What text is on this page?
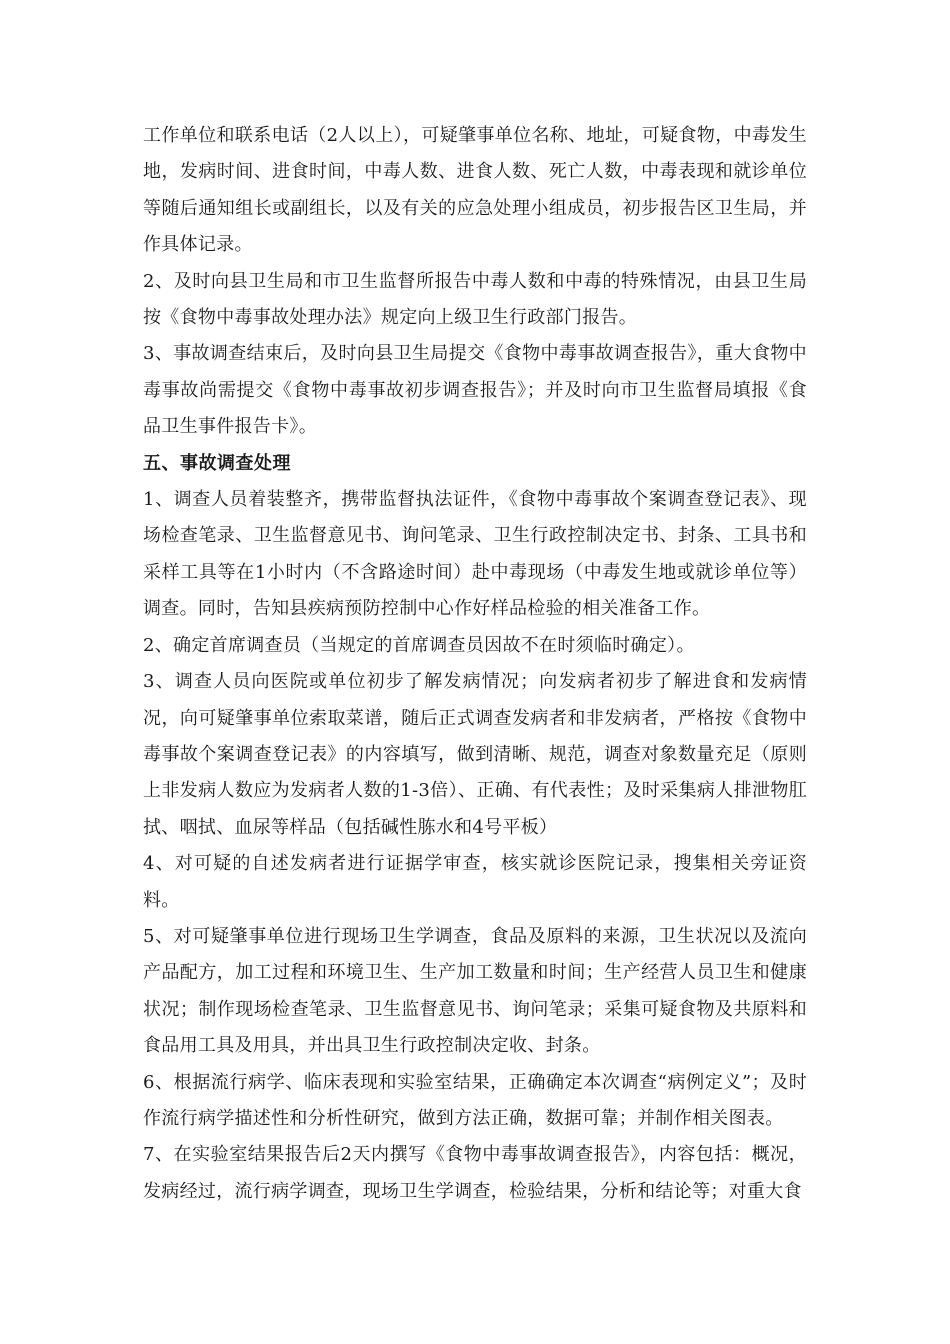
工作单位和联系电话（2人以上），可疑肇事单位名称、地址，可疑食物，中毒发生地，发病时间、进食时间，中毒人数、进食人数、死亡人数，中毒表现和就诊单位等随后通知组长或副组长，以及有关的应急处理小组成员，初步报告区卫生局，并作具体记录。

2、及时向县卫生局和市卫生监督所报告中毒人数和中毒的特殊情况，由县卫生局按《食物中毒事故处理办法》规定向上级卫生行政部门报告。

3、事故调查结束后，及时向县卫生局提交《食物中毒事故调查报告》，重大食物中毒事故尚需提交《食物中毒事故初步调查报告》；并及时向市卫生监督局填报《食品卫生事件报告卡》。

五、事故调查处理

1、调查人员着装整齐，携带监督执法证件，《食物中毒事故个案调查登记表》、现场检查笔录、卫生监督意见书、询问笔录、卫生行政控制决定书、封条、工具书和采样工具等在1小时内（不含路途时间）赴中毒现场（中毒发生地或就诊单位等）调查。同时，告知县疾病预防控制中心作好样品检验的相关准备工作。

2、确定首席调查员（当规定的首席调查员因故不在时须临时确定）。

3、调查人员向医院或单位初步了解发病情况；向发病者初步了解进食和发病情况，向可疑肇事单位索取菜谱，随后正式调查发病者和非发病者，严格按《食物中毒事故个案调查登记表》的内容填写，做到清晰、规范，调查对象数量充足（原则上非发病人数应为发病者人数的1-3倍）、正确、有代表性；及时采集病人排泄物肛拭、咽拭、血尿等样品（包括碱性胨水和4号平板）

4、对可疑的自述发病者进行证据学审查，核实就诊医院记录，搜集相关旁证资料。

5、对可疑肇事单位进行现场卫生学调查，食品及原料的来源，卫生状况以及流向产品配方，加工过程和环境卫生、生产加工数量和时间；生产经营人员卫生和健康状况；制作现场检查笔录、卫生监督意见书、询问笔录；采集可疑食物及共原料和食品用工具及用具，并出具卫生行政控制决定收、封条。

6、根据流行病学、临床表现和实验室结果，正确确定本次调查“病例定义”；及时作流行病学描述性和分析性研究，做到方法正确，数据可靠；并制作相关图表。

7、在实验室结果报告后2天内撰写《食物中毒事故调查报告》，内容包括：概况，发病经过，流行病学调查，现场卫生学调查，检验结果，分析和结论等；对重大食
